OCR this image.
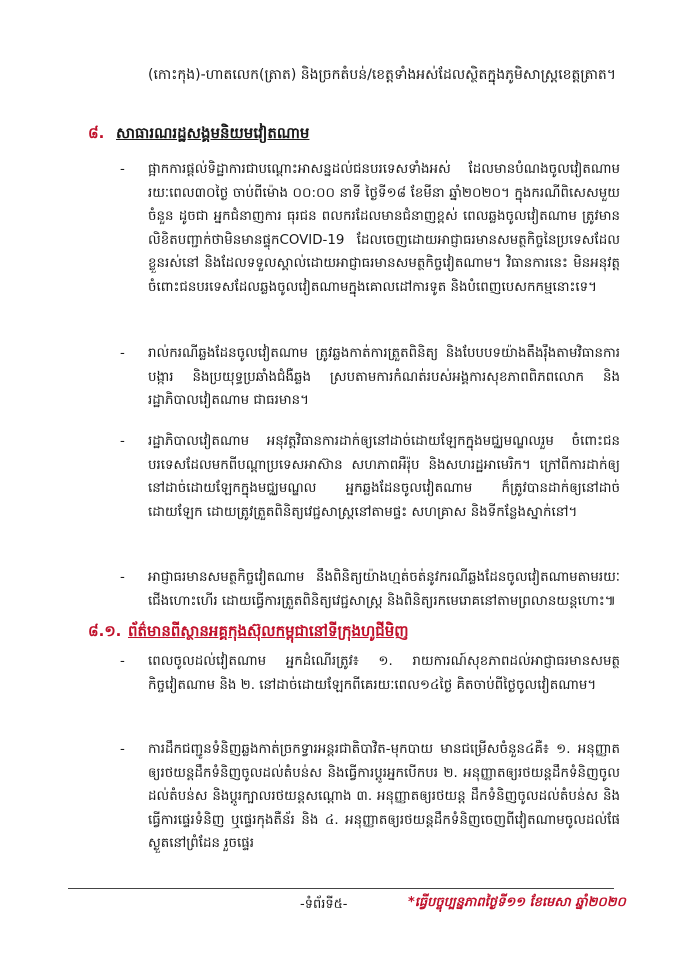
(កោះកុង)-ហាតលេក(ត្រាត) និងច្រកតំបន់/ខេត្តទាំងអស់ដែលស្ថិតក្នុងភូមិសាស្ត្រខេត្តត្រាត។
៨. សាធារណរដ្ឋសង្គមនិយមវៀតណាម
-	ផ្អាកការផ្តល់ទិដ្ឋាការជាបណ្តោះអាសន្នដល់ជនបរទេសទាំងអស់ ដែលមានបំណងចូលវៀតណាម រយៈពេល៣០ថ្ងៃ ចាប់ពីម៉ោង ០០:០០ នាទី ថ្ងៃទី១៨ ខែមីនា ឆ្នាំ២០២០។ ក្នុងករណីពិសេសមួយចំនួន ដូចជា អ្នកជំនាញការ ធុរជន ពលករដែលមានជំនាញខ្ពស់ ពេលឆ្លងចូលវៀតណាម ត្រូវមានលិខិតបញ្ជាក់ថាមិនមានផ្ទុកCOVID-19 ដែលចេញដោយអាជ្ញាធរមានសមត្ថកិច្ចនៃប្រទេសដែលខ្លួនរស់នៅ និងដែលទទួលស្គាល់ដោយអាជ្ញាធរមានសមត្ថកិច្ចវៀតណាម។ វិធានការនេះ មិនអនុវត្តចំពោះជនបរទេសដែលឆ្លងចូលវៀតណាមក្នុងគោលដៅការទូត និងបំពេញបេសកកម្មនោះទេ។
-	រាល់ករណីឆ្លងដែនចូលវៀតណាម ត្រូវឆ្លងកាត់ការត្រួតពិនិត្យ និងបែបបទយ៉ាងតឹងរ៉ឹងតាមវិធានការបង្ការ និងប្រយុទ្ធប្រឆាំងជំងឺឆ្លង ស្របតាមការកំណត់របស់អង្គការសុខភាពពិភពលោក និងរដ្ឋាភិបាលវៀតណាម ជាធរមាន។
-	រដ្ឋាភិបាលវៀតណាម អនុវត្តវិធានការដាក់ឲ្យនៅដាច់ដោយឡែកក្នុងមជ្ឈមណ្ឌលរួម ចំពោះជនបរទេសដែលមកពីបណ្តាប្រទេសអាស៊ាន សហភាពអឺរ៉ុប និងសហរដ្ឋអាមេរិក។ ក្រៅពីការដាក់ឲ្យនៅដាច់ដោយឡែកក្នុងមជ្ឈមណ្ឌល អ្នកឆ្លងដែនចូលវៀតណាម ក៏ត្រូវបានដាក់ឲ្យនៅដាច់ដោយឡែក ដោយត្រូវត្រួតពិនិត្យវេជ្ជសាស្ត្រនៅតាមផ្ទះ សហគ្រាស និងទីកន្លែងស្នាក់នៅ។
-	អាជ្ញាធរមានសមត្ថកិច្ចវៀតណាម នឹងពិនិត្យយ៉ាងហ្មត់ចត់នូវករណីឆ្លងដែនចូលវៀតណាមតាមរយៈជើងហោះហើរ ដោយធ្វើការត្រួតពិនិត្យវេជ្ជសាស្ត្រ និងពិនិត្យរកមេរោគនៅតាមព្រលានយន្តហោះ៕
៨.១. ព័ត៌មានពីស្ថានអគ្គកុងស៊ុលកម្ពុជានៅទីក្រុងហូជីមិញ
-	ពេលចូលដល់វៀតណាម អ្នកដំណើរត្រូវ៖ ១. រាយការណ៍សុខភាពដល់អាជ្ញាធរមានសមត្ថកិច្ចវៀតណាម និង ២. នៅដាច់ដោយឡែកពីគេរយៈពេល១៤ថ្ងៃ គិតចាប់ពីថ្ងៃចូលវៀតណាម។
-	ការដឹកជញ្ជូនទំនិញឆ្លងកាត់ច្រកទ្វារអន្តរជាតិបាវិត-មុកបាយ មានជម្រើសចំនួន៤គឺ៖ ១. អនុញ្ញាតឲ្យរថយន្តដឹកទំនិញចូលដល់តំបន់ស និងធ្វើការប្តូរអ្នកបើកបរ ២. អនុញ្ញាតឲ្យរថយន្តដឹកទំនិញចូលដល់តំបន់ស និងប្តូរក្បាលរថយន្តសណ្តោង ៣. អនុញ្ញាតឲ្យរថយន្ត ដឹកទំនិញចូលដល់តំបន់ស និងធ្វើការផ្ទេរទំនិញ ឬផ្ទេរកុងតឺន័រ និង ៤. អនុញ្ញាតឲ្យរថយន្តដឹកទំនិញចេញពីវៀតណាមចូលដល់ផែស្ងួតនៅព្រំដែន រួចផ្ទេរ
-ទំព័រទី៥-	*ធ្វើបច្ចុប្បន្នភាពថ្ងៃទី១១ ខែមេសា ឆ្នាំ២០២០
